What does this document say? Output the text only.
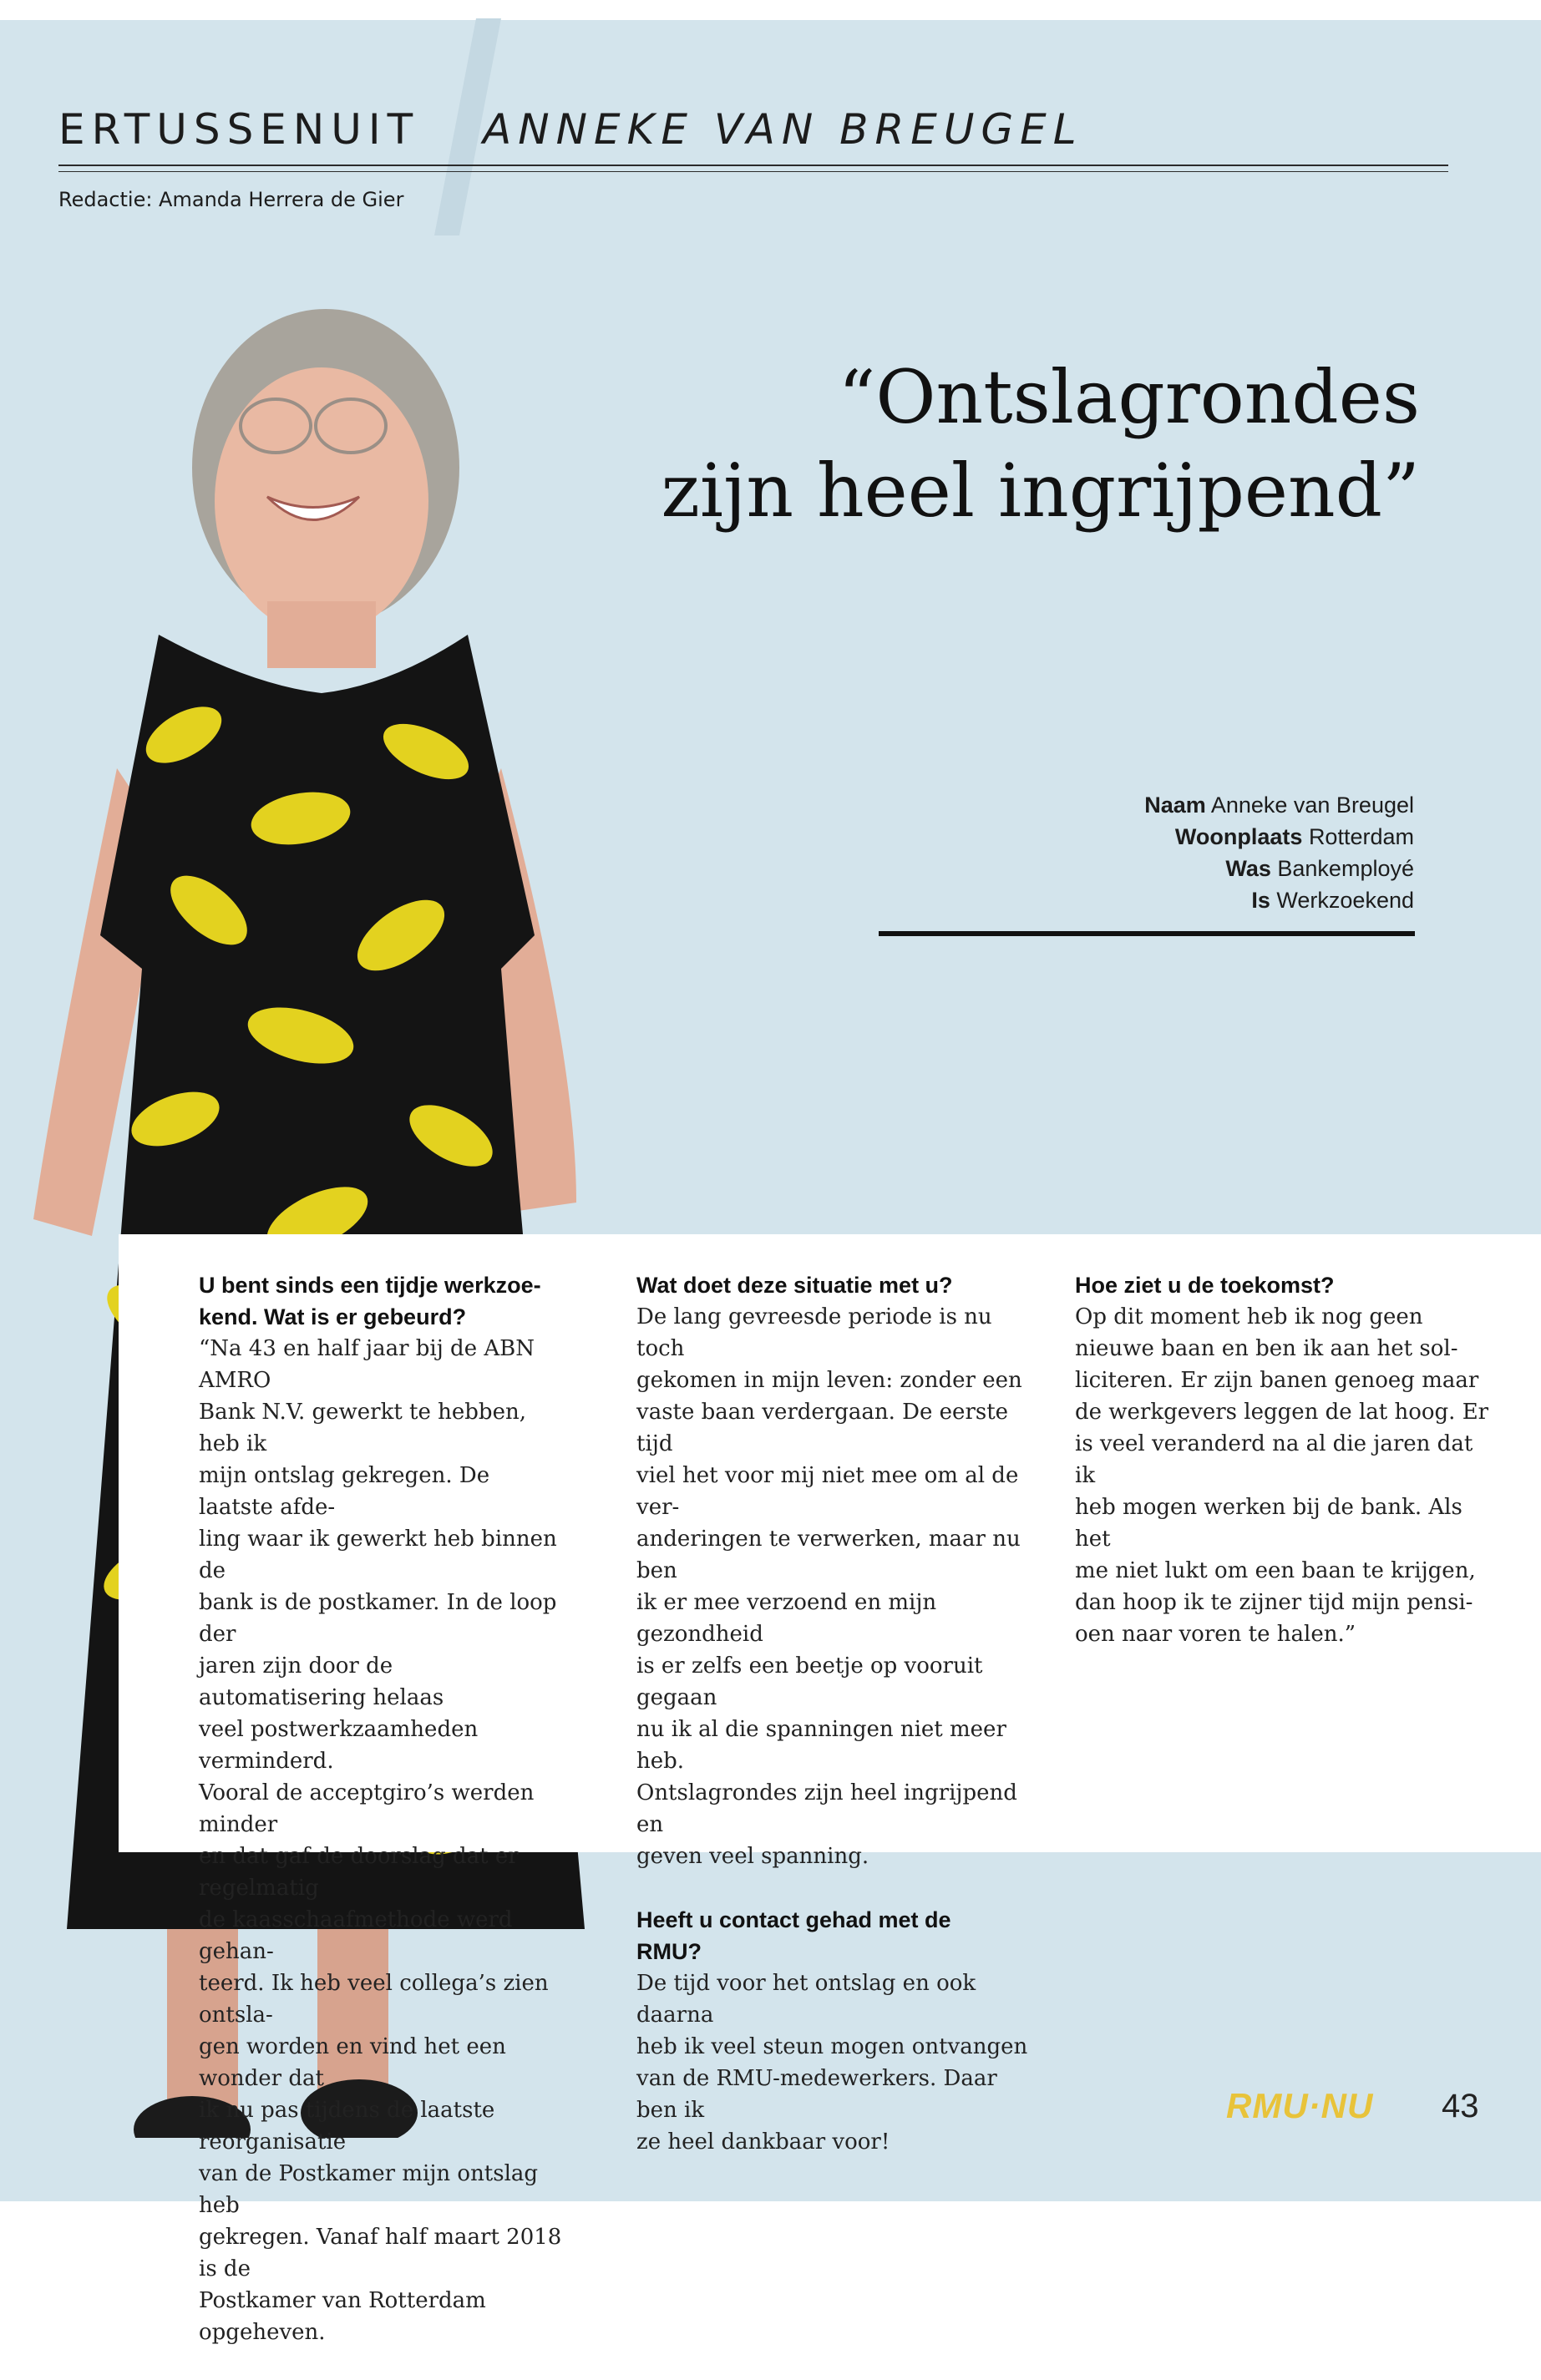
ERTUSSENUIT ANNEKE VAN BREUGEL
Redactie: Amanda Herrera de Gier
“Ontslagrondes
zijn heel ingrijpend”
Naam Anneke van Breugel
Woonplaats Rotterdam
Was Bankemployé
Is Werkzoekend
U bent sinds een tijdje werkzoe-
kend. Wat is er gebeurd?

“Na 43 en half jaar bij de ABN AMRO
Bank N.V. gewerkt te hebben, heb ik
mijn ontslag gekregen. De laatste afde-
ling waar ik gewerkt heb binnen de
bank is de postkamer. In de loop der
jaren zijn door de automatisering helaas
veel postwerkzaamheden verminderd.
Vooral de acceptgiro’s werden minder
en dat gaf de doorslag dat er regelmatig
de kaasschaafmethode werd gehan-
teerd. Ik heb veel collega’s zien ontsla-
gen worden en vind het een wonder dat
ik nu pas tijdens de laatste reorganisatie
van de Postkamer mijn ontslag heb
gekregen. Vanaf half maart 2018 is de
Postkamer van Rotterdam opgeheven.

Wat doet deze situatie met u?

De lang gevreesde periode is nu toch
gekomen in mijn leven: zonder een
vaste baan verdergaan. De eerste tijd
viel het voor mij niet mee om al de ver-
anderingen te verwerken, maar nu ben
ik er mee verzoend en mijn gezondheid
is er zelfs een beetje op vooruit gegaan
nu ik al die spanningen niet meer heb.
Ontslagrondes zijn heel ingrijpend en
geven veel spanning.

Heeft u contact gehad met de
RMU?

De tijd voor het ontslag en ook daarna
heb ik veel steun mogen ontvangen
van de RMU-medewerkers. Daar ben ik
ze heel dankbaar voor!

Hoe ziet u de toekomst?

Op dit moment heb ik nog geen
nieuwe baan en ben ik aan het sol-
liciteren. Er zijn banen genoeg maar
de werkgevers leggen de lat hoog. Er
is veel veranderd na al die jaren dat ik
heb mogen werken bij de bank. Als het
me niet lukt om een baan te krijgen,
dan hoop ik te zijner tijd mijn pensi-
oen naar voren te halen.”

RMU·NU 43
